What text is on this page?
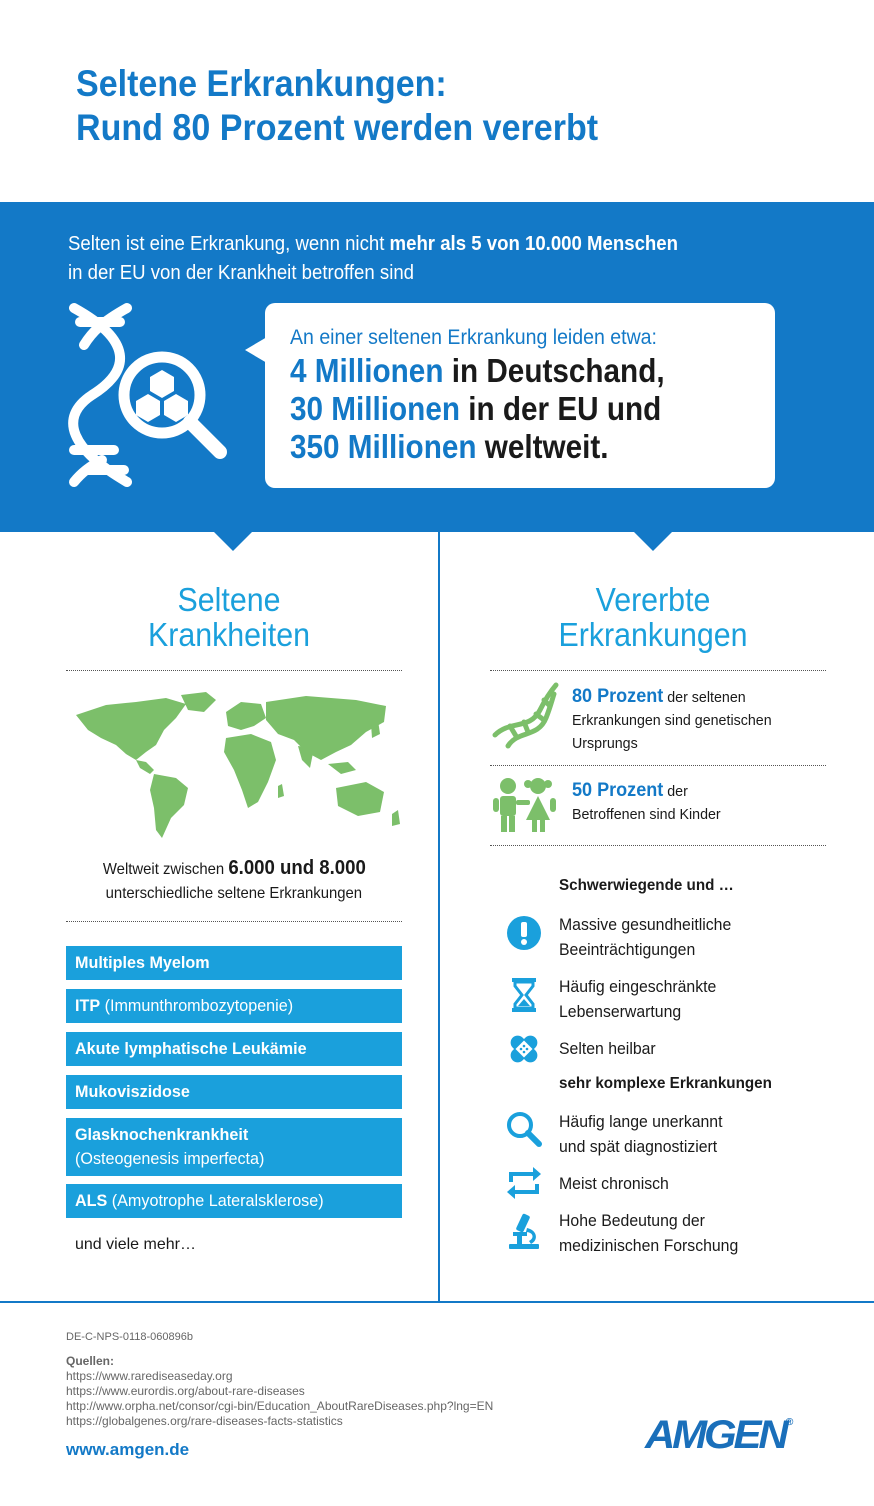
Seltene Erkrankungen:
Rund 80 Prozent werden vererbt
Selten ist eine Erkrankung, wenn nicht mehr als 5 von 10.000 Menschen
in der EU von der Krankheit betroffen sind
An einer seltenen Erkrankung leiden etwa:
4 Millionen in Deutschand,
30 Millionen in der EU und
350 Millionen weltweit.
Seltene
Krankheiten
Weltweit zwischen 6.000 und 8.000
unterschiedliche seltene Erkrankungen
Multiples Myelom
ITP (Immunthrombozytopenie)
Akute lymphatische Leukämie
Mukoviszidose
Glasknochenkrankheit
(Osteogenesis imperfecta)
ALS (Amyotrophe Lateralsklerose)
und viele mehr…
Vererbte
Erkrankungen
80 Prozent der seltenen
Erkrankungen sind genetischen
Ursprungs
50 Prozent der
Betroffenen sind Kinder
Schwerwiegende und …
Massive gesundheitliche
Beeinträchtigungen
Häufig eingeschränkte
Lebenserwartung
Selten heilbar
sehr komplexe Erkrankungen
Häufig lange unerkannt
und spät diagnostiziert
Meist chronisch
Hohe Bedeutung der
medizinischen Forschung
DE-C-NPS-0118-060896b
Quellen:
https://www.rarediseaseday.org
https://www.eurordis.org/about-rare-diseases
http://www.orpha.net/consor/cgi-bin/Education_AboutRareDiseases.php?lng=EN
https://globalgenes.org/rare-diseases-facts-statistics
www.amgen.de	AMGEN®
